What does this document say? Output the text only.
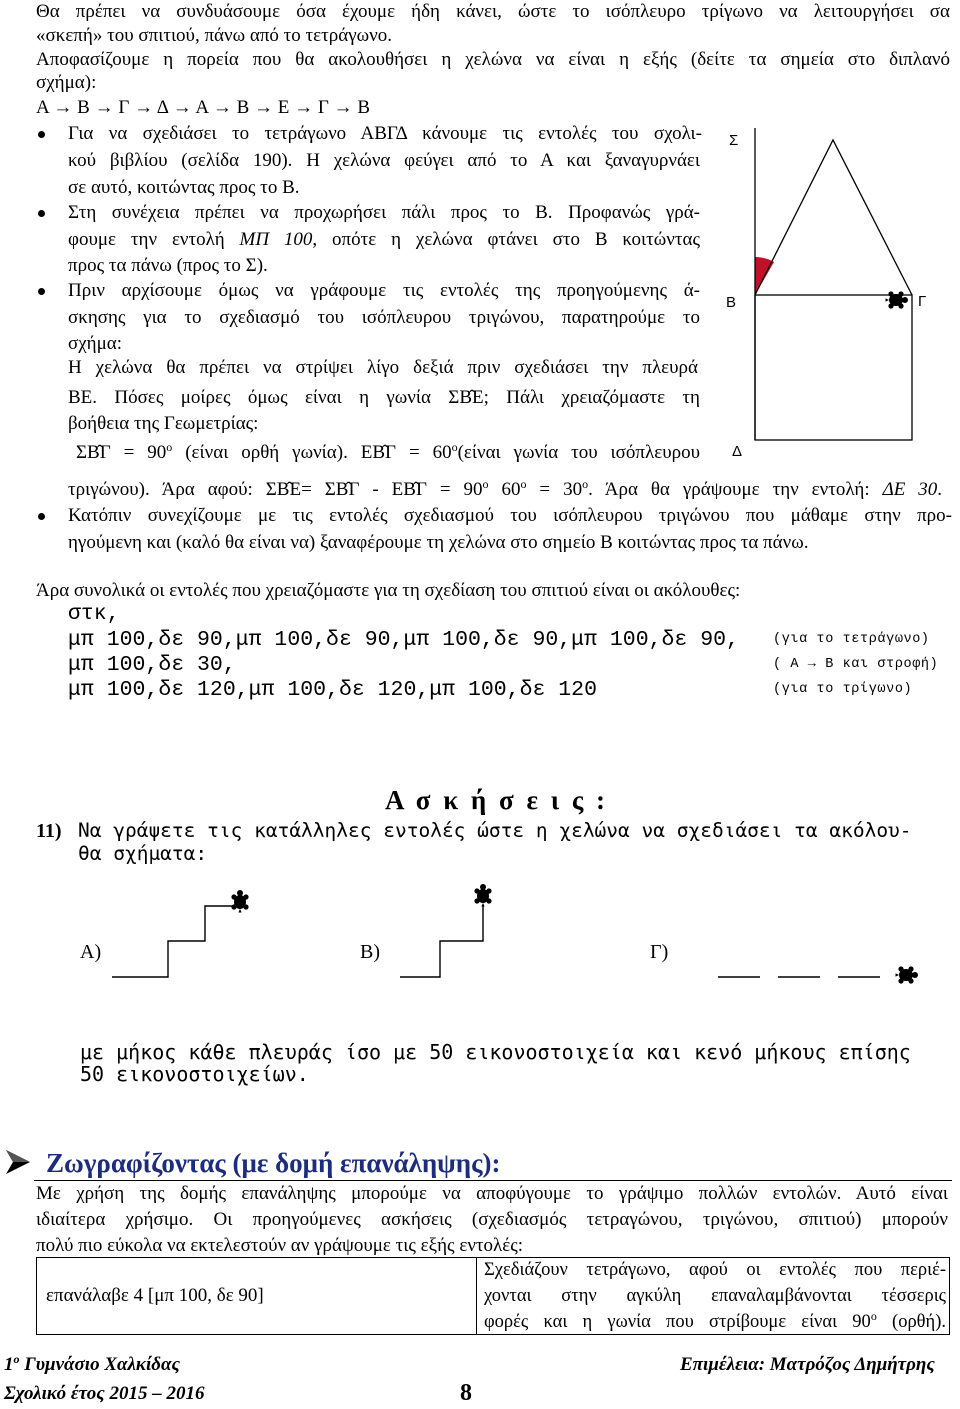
Θα πρέπει να συνδυάσουμε όσα έχουμε ήδη κάνει, ώστε το ισόπλευρο τρίγωνο να λειτουργήσει σα
«σκεπή» του σπιτιού, πάνω από το τετράγωνο.
Αποφασίζουμε η πορεία που θα ακολουθήσει η χελώνα να είναι η εξής (δείτε τα σημεία στο διπλανό
σχήμα):
Α → Β → Γ → Δ → Α → Β → Ε → Γ → Β
Για να σχεδιάσει το τετράγωνο ΑΒΓΔ κάνουμε τις εντολές του σχολι-
κού βιβλίου (σελίδα 190). Η χελώνα φεύγει από το Α και ξαναγυρνάει
σε αυτό, κοιτώντας προς το Β.
Στη συνέχεια πρέπει να προχωρήσει πάλι προς το Β. Προφανώς γρά-
φουμε την εντολή ΜΠ 100, οπότε η χελώνα φτάνει στο Β κοιτώντας
προς τα πάνω (προς το Σ).
Πριν αρχίσουμε όμως να γράφουμε τις εντολές της προηγούμενης ά-
σκησης για το σχεδιασμό του ισόπλευρου τριγώνου, παρατηρούμε το
σχήμα:
Η χελώνα θα πρέπει να στρίψει λίγο δεξιά πριν σχεδιάσει την πλευρά
ΒΕ. Πόσες μοίρες όμως είναι η γωνία ΣΒ̂Ε; Πάλι χρειαζόμαστε τη
βοήθεια της Γεωμετρίας:
ΣΒ̂Γ = $90^o$ (είναι ορθή γωνία). ΕΒ̂Γ = $60^o(\varepsilon ί\nu\alpha\iota$ γωνία του ισόπλευρου
τριγώνου). Άρα αφού: ΣΒ̂Ε= ΣΒ̂Γ - ΕΒ̂Γ = $90^o$ $60^o = 30^o$. Άρα θα γράψουμε την εντολή: ΔΕ 30.
Κατόπιν συνεχίζουμε με τις εντολές σχεδιασμού του ισόπλευρου τριγώνου που μάθαμε στην προ-
ηγούμενη και (καλό θα είναι να) ξαναφέρουμε τη χελώνα στο σημείο Β κοιτώντας προς τα πάνω.
Άρα συνολικά οι εντολές που χρειαζόμαστε για τη σχεδίαση του σπιτιού είναι οι ακόλουθες:
στκ,
μπ 100,δε 90,μπ 100,δε 90,μπ 100,δε 90,μπ 100,δε 90,	(για το τετράγωνο)
μπ 100,δε 30,	( Α → Β και στροφή)
μπ 100,δε 120,μπ 100,δε 120,μπ 100,δε 120	(για το τρίγωνο)
Σ
Β	Γ
Δ
Α σ κ ή σ ε ι ς :
11) Να γράψετε τις κατάλληλες εντολές ώστε η χελώνα να σχεδιάσει τα ακόλου-
θα σχήματα:
Α)	Β)	Γ)
με μήκος κάθε πλευράς ίσο με 50 εικονοστοιχεία και κενό μήκους επίσης
50 εικονοστοιχείων.
Ζωγραφίζοντας (με δομή επανάληψης):
Με χρήση της δομής επανάληψης μπορούμε να αποφύγουμε το γράψιμο πολλών εντολών. Αυτό είναι
ιδιαίτερα χρήσιμο. Οι προηγούμενες ασκήσεις (σχεδιασμός τετραγώνου, τριγώνου, σπιτιού) μπορούν
πολύ πιο εύκολα να εκτελεστούν αν γράψουμε τις εξής εντολές:
επανάλαβε 4 [μπ 100, δε 90]
Σχεδιάζουν τετράγωνο, αφού οι εντολές που περιέ-
χονται στην αγκύλη επαναλαμβάνονται τέσσερις
φορές και η γωνία που στρίβουμε είναι $90^o$ (ορθή).
$1^o$ Γυμνάσιο Χαλκίδας	Επιμέλεια: Ματρόζος Δημήτρης
Σχολικό έτος 2015 – 2016	8
